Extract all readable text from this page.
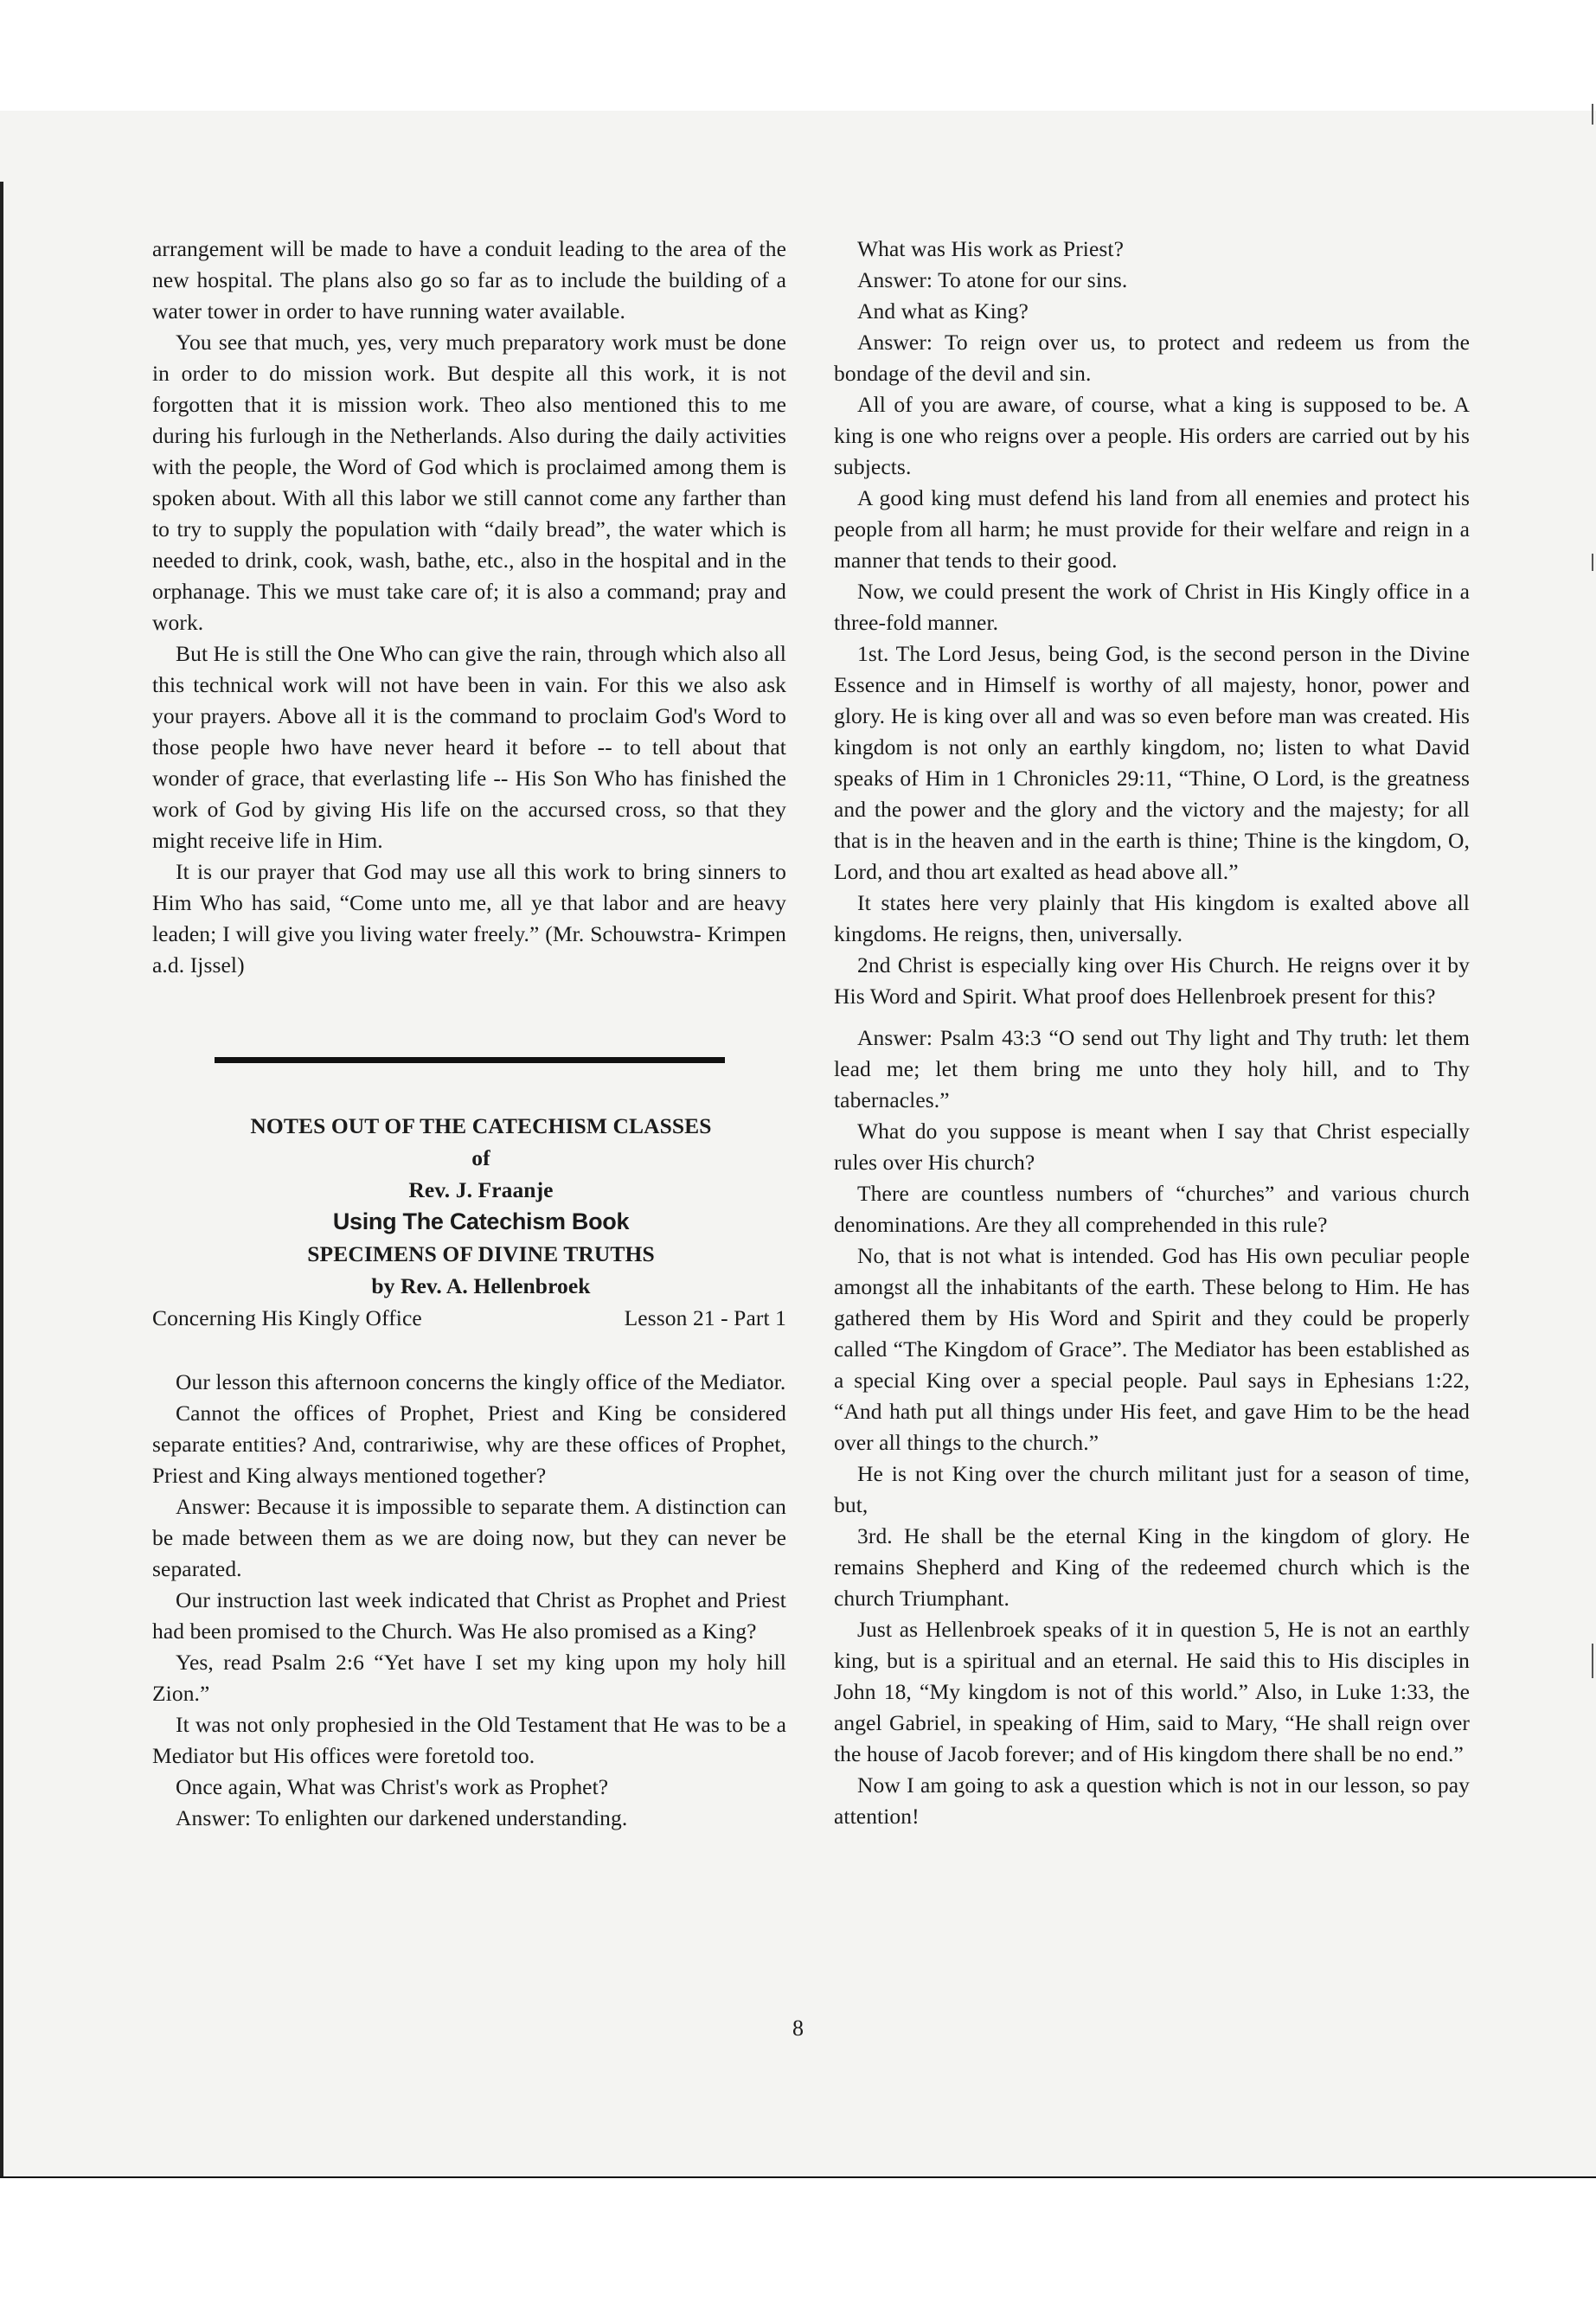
arrangement will be made to have a conduit leading to the area of the new hospital. The plans also go so far as to include the building of a water tower in order to have running water available.

You see that much, yes, very much preparatory work must be done in order to do mission work. But despite all this work, it is not forgotten that it is mission work. Theo also mentioned this to me during his furlough in the Netherlands. Also during the daily activities with the people, the Word of God which is proclaimed among them is spoken about. With all this labor we still cannot come any farther than to try to supply the population with “daily bread”, the water which is needed to drink, cook, wash, bathe, etc., also in the hospital and in the orphanage. This we must take care of; it is also a command; pray and work.

But He is still the One Who can give the rain, through which also all this technical work will not have been in vain. For this we also ask your prayers. Above all it is the command to proclaim God's Word to those people hwo have never heard it before -- to tell about that wonder of grace, that everlasting life -- His Son Who has finished the work of God by giving His life on the accursed cross, so that they might receive life in Him.

It is our prayer that God may use all this work to bring sinners to Him Who has said, “Come unto me, all ye that labor and are heavy leaden; I will give you living water freely.” (Mr. Schouwstra- Krimpen a.d. Ijssel)

NOTES OUT OF THE CATECHISM CLASSES

of

Rev. J. Fraanje

Using The Catechism Book

SPECIMENS OF DIVINE TRUTHS

by Rev. A. Hellenbroek

Concerning His Kingly Office	Lesson 21 - Part 1

Our lesson this afternoon concerns the kingly office of the Mediator.

Cannot the offices of Prophet, Priest and King be considered separate entities? And, contrariwise, why are these offices of Prophet, Priest and King always mentioned together?

Answer: Because it is impossible to separate them. A distinction can be made between them as we are doing now, but they can never be separated.

Our instruction last week indicated that Christ as Prophet and Priest had been promised to the Church. Was He also promised as a King?

Yes, read Psalm 2:6 “Yet have I set my king upon my holy hill Zion.”

It was not only prophesied in the Old Testament that He was to be a Mediator but His offices were foretold too.

Once again, What was Christ's work as Prophet?

Answer: To enlighten our darkened understanding.

What was His work as Priest?

Answer: To atone for our sins.

And what as King?

Answer: To reign over us, to protect and redeem us from the bondage of the devil and sin.

All of you are aware, of course, what a king is supposed to be. A king is one who reigns over a people. His orders are carried out by his subjects.

A good king must defend his land from all enemies and protect his people from all harm; he must provide for their welfare and reign in a manner that tends to their good.

Now, we could present the work of Christ in His Kingly office in a three-fold manner.

1st. The Lord Jesus, being God, is the second person in the Divine Essence and in Himself is worthy of all majesty, honor, power and glory. He is king over all and was so even before man was created. His kingdom is not only an earthly kingdom, no; listen to what David speaks of Him in 1 Chronicles 29:11, “Thine, O Lord, is the greatness and the power and the glory and the victory and the majesty; for all that is in the heaven and in the earth is thine; Thine is the kingdom, O, Lord, and thou art exalted as head above all.”

It states here very plainly that His kingdom is exalted above all kingdoms. He reigns, then, universally.

2nd Christ is especially king over His Church. He reigns over it by His Word and Spirit. What proof does Hellenbroek present for this?

Answer: Psalm 43:3 “O send out Thy light and Thy truth: let them lead me; let them bring me unto they holy hill, and to Thy tabernacles.”

What do you suppose is meant when I say that Christ especially rules over His church?

There are countless numbers of “churches” and various church denominations. Are they all comprehended in this rule?

No, that is not what is intended. God has His own peculiar people amongst all the inhabitants of the earth. These belong to Him. He has gathered them by His Word and Spirit and they could be properly called “The Kingdom of Grace”. The Mediator has been established as a special King over a special people. Paul says in Ephesians 1:22, “And hath put all things under His feet, and gave Him to be the head over all things to the church.”

He is not King over the church militant just for a season of time, but,

3rd. He shall be the eternal King in the kingdom of glory. He remains Shepherd and King of the redeemed church which is the church Triumphant.

Just as Hellenbroek speaks of it in question 5, He is not an earthly king, but is a spiritual and an eternal. He said this to His disciples in John 18, “My kingdom is not of this world.” Also, in Luke 1:33, the angel Gabriel, in speaking of Him, said to Mary, “He shall reign over the house of Jacob forever; and of His kingdom there shall be no end.”

Now I am going to ask a question which is not in our lesson, so pay attention!

8
